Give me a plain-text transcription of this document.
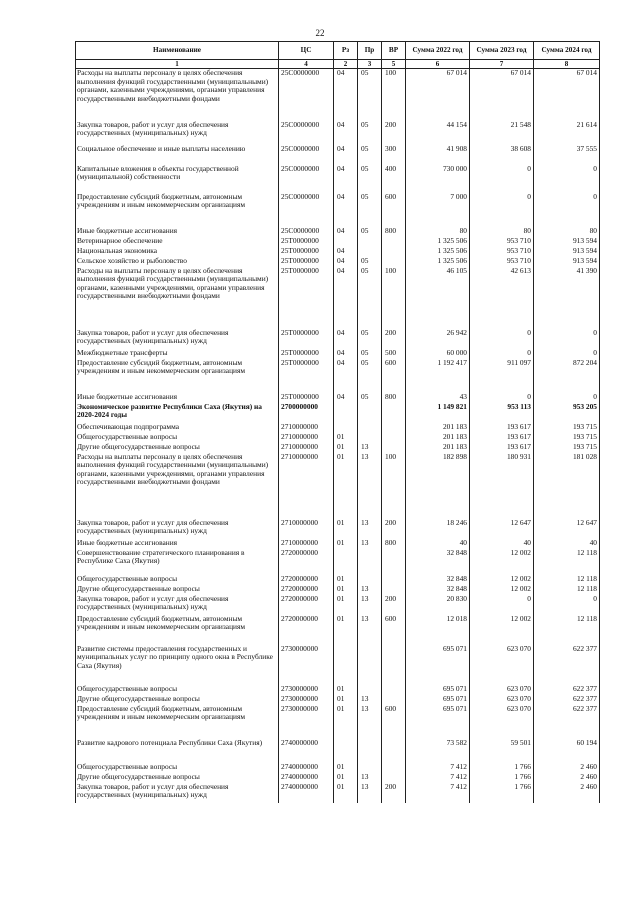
22
Наименование	ЦС	Рз	Пр	ВР	Сумма 2022 год	Сумма 2023 год	Сумма 2024 год
1	4	2	3	5	6	7	8
Расходы на выплаты персоналу в целях обеспечения выполнения функций государственными (муниципальными) органами, казенными учреждениями, органами управления государственными внебюджетными фондами	25С0000000	04	05	100	67 014	67 014	67 014
Закупка товаров, работ и услуг для обеспечения государственных (муниципальных) нужд	25С0000000	04	05	200	44 154	21 548	21 614
Социальное обеспечение и иные выплаты населению	25С0000000	04	05	300	41 908	38 608	37 555
Капитальные вложения в объекты государственной (муниципальной) собственности	25С0000000	04	05	400	730 000	0	0
Предоставление субсидий бюджетным, автономным учреждениям и иным некоммерческим организациям	25С0000000	04	05	600	7 000	0	0
Иные бюджетные ассигнования	25С0000000	04	05	800	80	80	80
Ветеринарное обеспечение	25Т0000000				1 325 506	953 710	913 594
Национальная экономика	25Т0000000	04			1 325 506	953 710	913 594
Сельское хозяйство и рыболовство	25Т0000000	04	05		1 325 506	953 710	913 594
Расходы на выплаты персоналу в целях обеспечения выполнения функций государственными (муниципальными) органами, казенными учреждениями, органами управления государственными внебюджетными фондами	25Т0000000	04	05	100	46 105	42 613	41 390
Закупка товаров, работ и услуг для обеспечения государственных (муниципальных) нужд	25Т0000000	04	05	200	26 942	0	0
Межбюджетные трансферты	25Т0000000	04	05	500	60 000	0	0
Предоставление субсидий бюджетным, автономным учреждениям и иным некоммерческим организациям	25Т0000000	04	05	600	1 192 417	911 097	872 204
Иные бюджетные ассигнования	25Т0000000	04	05	800	43	0	0
Экономическое развитие Республики Саха (Якутия) на 2020-2024 годы	2700000000				1 149 821	953 113	953 205
Обеспечивающая подпрограмма	2710000000				201 183	193 617	193 715
Общегосударственные вопросы	2710000000	01			201 183	193 617	193 715
Другие общегосударственные вопросы	2710000000	01	13		201 183	193 617	193 715
Расходы на выплаты персоналу в целях обеспечения выполнения функций государственными (муниципальными) органами, казенными учреждениями, органами управления государственными внебюджетными фондами	2710000000	01	13	100	182 898	180 931	181 028
Закупка товаров, работ и услуг для обеспечения государственных (муниципальных) нужд	2710000000	01	13	200	18 246	12 647	12 647
Иные бюджетные ассигнования	2710000000	01	13	800	40	40	40
Совершенствование стратегического планирования в Республике Саха (Якутия)	2720000000				32 848	12 002	12 118
Общегосударственные вопросы	2720000000	01			32 848	12 002	12 118
Другие общегосударственные вопросы	2720000000	01	13		32 848	12 002	12 118
Закупка товаров, работ и услуг для обеспечения государственных (муниципальных) нужд	2720000000	01	13	200	20 830	0	0
Предоставление субсидий бюджетным, автономным учреждениям и иным некоммерческим организациям	2720000000	01	13	600	12 018	12 002	12 118
Развитие системы предоставления государственных и муниципальных услуг по принципу одного окна в Республике Саха (Якутия)	2730000000				695 071	623 070	622 377
Общегосударственные вопросы	2730000000	01			695 071	623 070	622 377
Другие общегосударственные вопросы	2730000000	01	13		695 071	623 070	622 377
Предоставление субсидий бюджетным, автономным учреждениям и иным некоммерческим организациям	2730000000	01	13	600	695 071	623 070	622 377
Развитие кадрового потенциала Республики Саха (Якутия)	2740000000				73 582	59 501	60 194
Общегосударственные вопросы	2740000000	01			7 412	1 766	2 460
Другие общегосударственные вопросы	2740000000	01	13		7 412	1 766	2 460
Закупка товаров, работ и услуг для обеспечения государственных (муниципальных) нужд	2740000000	01	13	200	7 412	1 766	2 460
